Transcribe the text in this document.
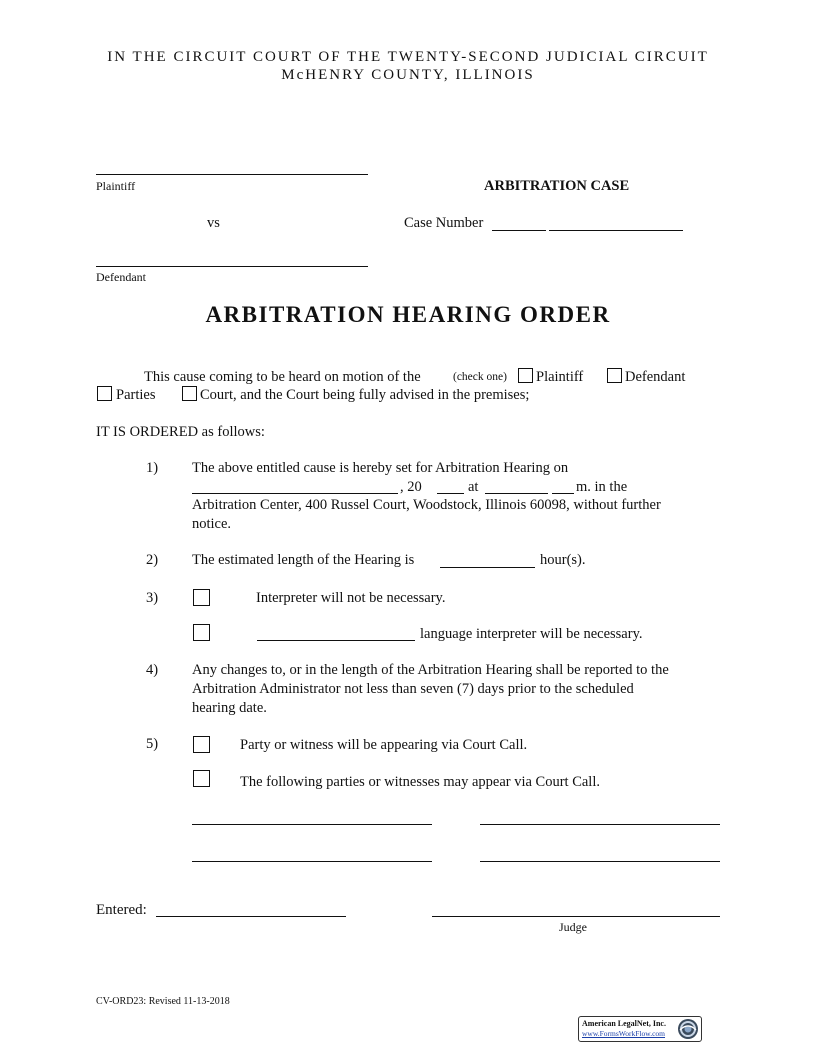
IN THE CIRCUIT COURT OF THE TWENTY-SECOND JUDICIAL CIRCUIT
McHENRY COUNTY, ILLINOIS
Plaintiff	ARBITRATION CASE
vs	Case Number
Defendant
ARBITRATION HEARING ORDER
This cause coming to be heard on motion of the	(check one) Plaintiff	Defendant
Parties	Court, and the Court being fully advised in the premises;
IT IS ORDERED as follows:
1) The above entitled cause is hereby set for Arbitration Hearing on
, 20	at	m. in the
Arbitration Center, 400 Russel Court, Woodstock, Illinois 60098, without further
notice.
2) The estimated length of the Hearing is	hour(s).
3)	Interpreter will not be necessary.
language interpreter will be necessary.
4) Any changes to, or in the length of the Arbitration Hearing shall be reported to the
Arbitration Administrator not less than seven (7) days prior to the scheduled
hearing date.
5)	Party or witness will be appearing via Court Call.
The following parties or witnesses may appear via Court Call.
Entered:
Judge
CV-ORD23: Revised 11-13-2018
American LegalNet, Inc.
www.FormsWorkFlow.com
